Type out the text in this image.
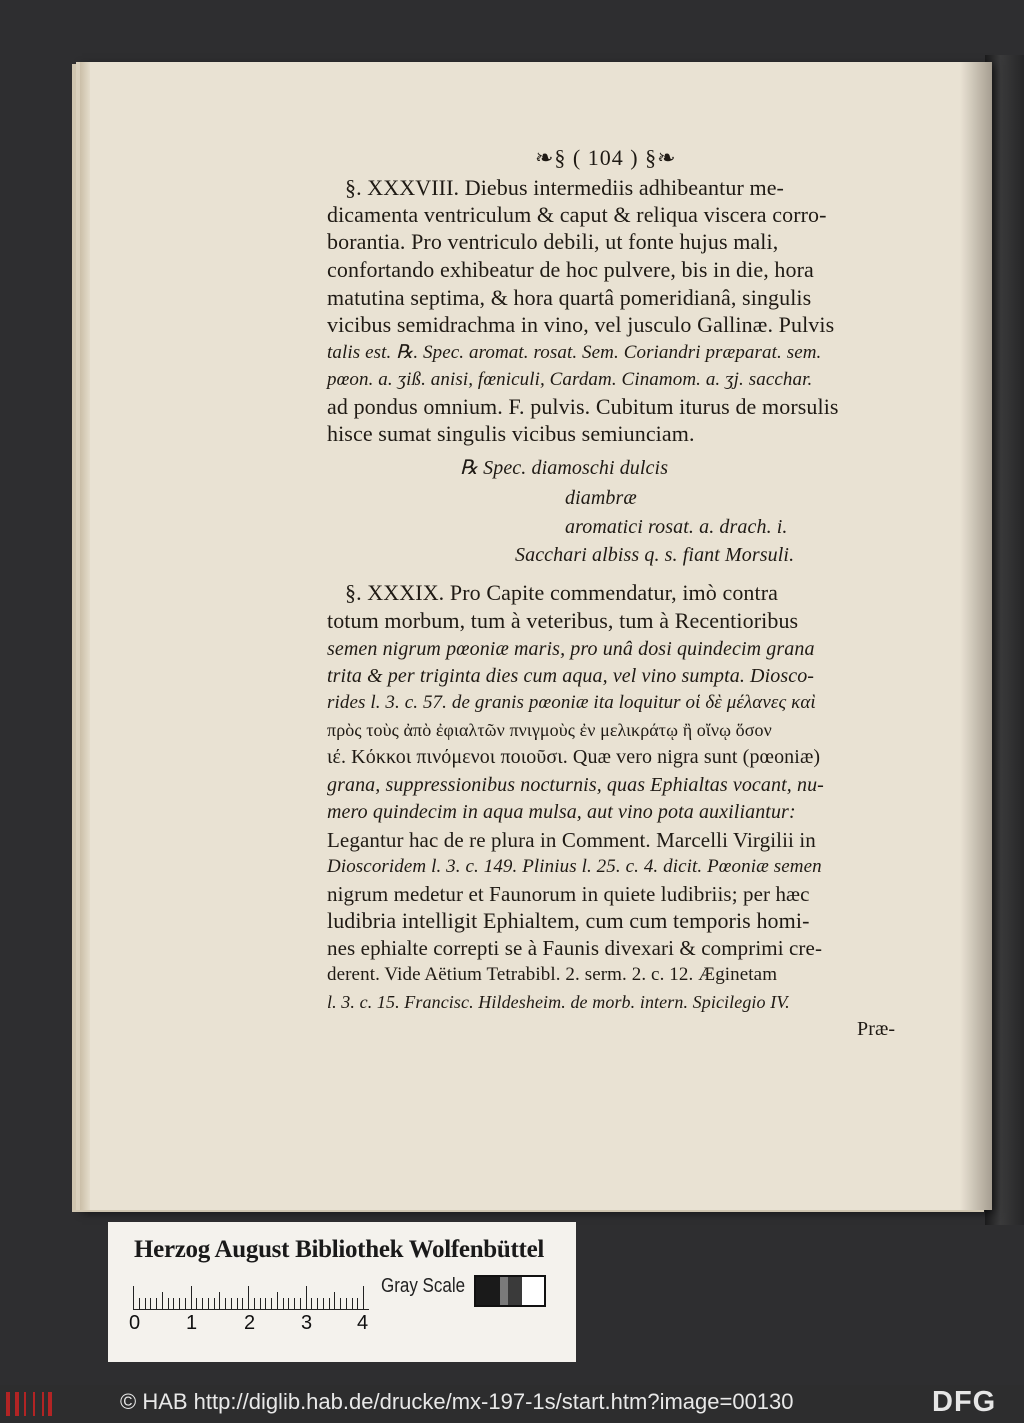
❧§ ( 104 ) §❧
§. XXXVIII. Diebus intermediis adhibeantur me-
dicamenta ventriculum & caput & reliqua viscera corro-
borantia. Pro ventriculo debili, ut fonte hujus mali,
confortando exhibeatur de hoc pulvere, bis in die, hora
matutina septima, & hora quartâ pomeridianâ, singulis
vicibus semidrachma in vino, vel jusculo Gallinæ. Pulvis
talis est. ℞. Spec. aromat. rosat. Sem. Coriandri præparat. sem.
pœon. a. ʒiß. anisi, fœniculi, Cardam. Cinamom. a. ʒj. sacchar.
ad pondus omnium. F. pulvis. Cubitum iturus de morsulis
hisce sumat singulis vicibus semiunciam.
℞ Spec. diamoschi dulcis
diambræ
aromatici rosat. a. drach. i.
Sacchari albiss q. s. fiant Morsuli.
§. XXXIX. Pro Capite commendatur, imò contra
totum morbum, tum à veteribus, tum à Recentioribus
semen nigrum pœoniæ maris, pro unâ dosi quindecim grana
trita & per triginta dies cum aqua, vel vino sumpta. Diosco-
rides l. 3. c. 57. de granis pœoniæ ita loquitur οἱ δὲ μέλανες καὶ
πρὸς τοὺς ἀπὸ ἐφιαλτῶν πνιγμοὺς ἐν μελικράτῳ ἢ οἴνῳ ὅσον
ιέ. Κόκκοι πινόμενοι ποιοῦσι. Quæ vero nigra sunt (pœoniæ)
grana, suppressionibus nocturnis, quas Ephialtas vocant, nu-
mero quindecim in aqua mulsa, aut vino pota auxiliantur:
Legantur hac de re plura in Comment. Marcelli Virgilii in
Dioscoridem l. 3. c. 149. Plinius l. 25. c. 4. dicit. Pœoniæ semen
nigrum medetur et Faunorum in quiete ludibriis; per hæc
ludibria intelligit Ephialtem, cum cum temporis homi-
nes ephialte correpti se à Faunis divexari & comprimi cre-
derent. Vide Aëtium Tetrabibl. 2. serm. 2. c. 12. Æginetam
l. 3. c. 15. Francisc. Hildesheim. de morb. intern. Spicilegio IV.
Præ-
Herzog August Bibliothek Wolfenbüttel
0 1 2 3 4
Gray Scale
© HAB http://diglib.hab.de/drucke/mx-197-1s/start.htm?image=00130	DFG
